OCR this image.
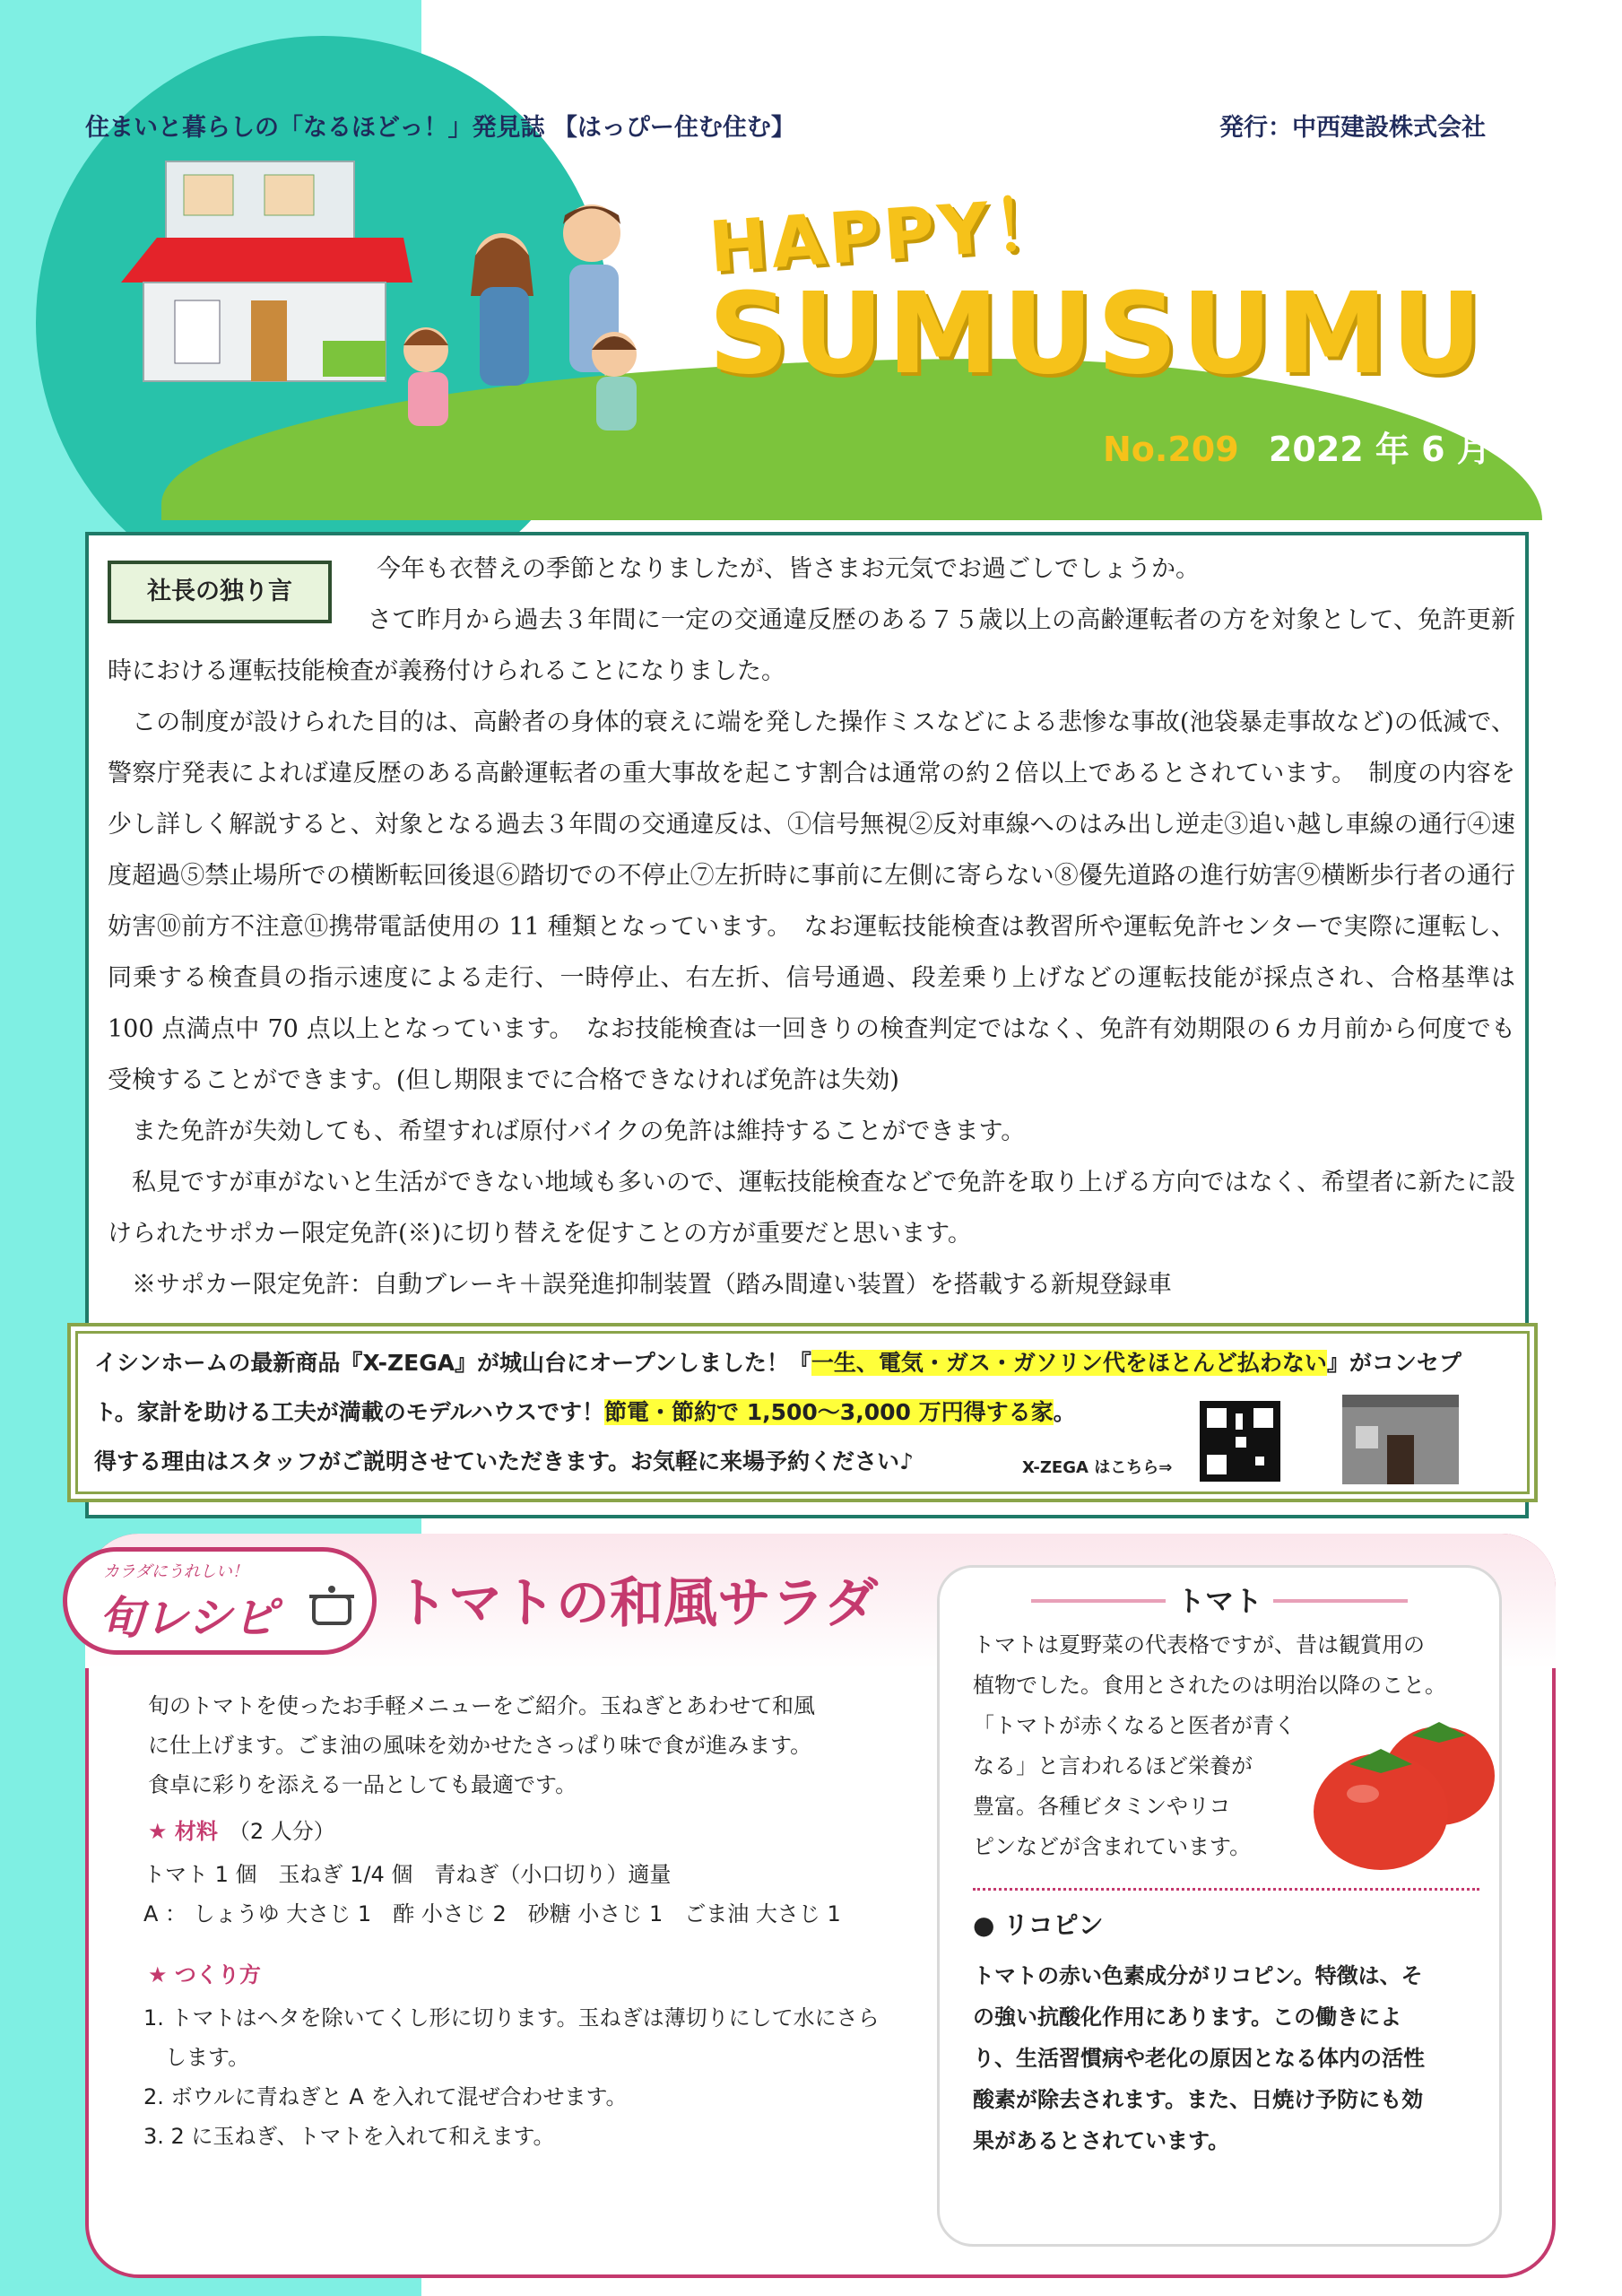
住まいと暮らしの「なるほどっ！」発見誌 【はっぴー住む住む】	発行：中西建設株式会社
HAPPY！
SUMUSUMU
No.209 2022 年 6 月
社長の独り言
今年も衣替えの季節となりましたが、皆さまお元気でお過ごしでしょうか。
さて昨月から過去３年間に一定の交通違反歴のある７５歳以上の高齢運転者の方を対象として、免許更新時における運転技能検査が義務付けられることになりました。
この制度が設けられた目的は、高齢者の身体的衰えに端を発した操作ミスなどによる悲惨な事故(池袋暴走事故など)の低減で、警察庁発表によれば違反歴のある高齢運転者の重大事故を起こす割合は通常の約２倍以上であるとされています。　制度の内容を少し詳しく解説すると、対象となる過去３年間の交通違反は、①信号無視②反対車線へのはみ出し逆走③追い越し車線の通行④速度超過⑤禁止場所での横断転回後退⑥踏切での不停止⑦左折時に事前に左側に寄らない⑧優先道路の進行妨害⑨横断歩行者の通行妨害⑩前方不注意⑪携帯電話使用の 11 種類となっています。　なお運転技能検査は教習所や運転免許センターで実際に運転し、同乗する検査員の指示速度による走行、一時停止、右左折、信号通過、段差乗り上げなどの運転技能が採点され、合格基準は 100 点満点中 70 点以上となっています。　なお技能検査は一回きりの検査判定ではなく、免許有効期限の６カ月前から何度でも受検することができます。(但し期限までに合格できなければ免許は失効)
また免許が失効しても、希望すれば原付バイクの免許は維持することができます。
私見ですが車がないと生活ができない地域も多いので、運転技能検査などで免許を取り上げる方向ではなく、希望者に新たに設けられたサポカー限定免許(※)に切り替えを促すことの方が重要だと思います。
※サポカー限定免許：自動ブレーキ＋誤発進抑制装置（踏み間違い装置）を搭載する新規登録車
イシンホームの最新商品『X-ZEGA』が城山台にオープンしました！『一生、電気・ガス・ガソリン代をほとんど払わない』がコンセプ
ト。家計を助ける工夫が満載のモデルハウスです！節電・節約で 1,500～3,000 万円得する家。
得する理由はスタッフがご説明させていただきます。お気軽に来場予約ください♪	X-ZEGA はこちら⇒
カラダにうれしい！
旬レシピ トマトの和風サラダ
旬のトマトを使ったお手軽メニューをご紹介。玉ねぎとあわせて和風
に仕上げます。ごま油の風味を効かせたさっぱり味で食が進みます。
食卓に彩りを添える一品としても最適です。
★ 材料　 （2 人分）
トマト 1 個　玉ねぎ 1/4 個　青ねぎ（小口切り）適量
A ： しょうゆ 大さじ 1　酢 小さじ 2　砂糖 小さじ 1　ごま油 大さじ 1
★ つくり方
1. トマトはヘタを除いてくし形に切ります。玉ねぎは薄切りにして水にさら
　します。
2. ボウルに青ねぎと A を入れて混ぜ合わせます。
3. 2 に玉ねぎ、トマトを入れて和えます。
トマト
トマトは夏野菜の代表格ですが、昔は観賞用の
植物でした。食用とされたのは明治以降のこと。
「トマトが赤くなると医者が青く
なる」と言われるほど栄養が
豊富。各種ビタミンやリコ
ピンなどが含まれています。
● リコピン
トマトの赤い色素成分がリコピン。特徴は、そ
の強い抗酸化作用にあります。この働きによ
り、生活習慣病や老化の原因となる体内の活性
酸素が除去されます。また、日焼け予防にも効
果があるとされています。
